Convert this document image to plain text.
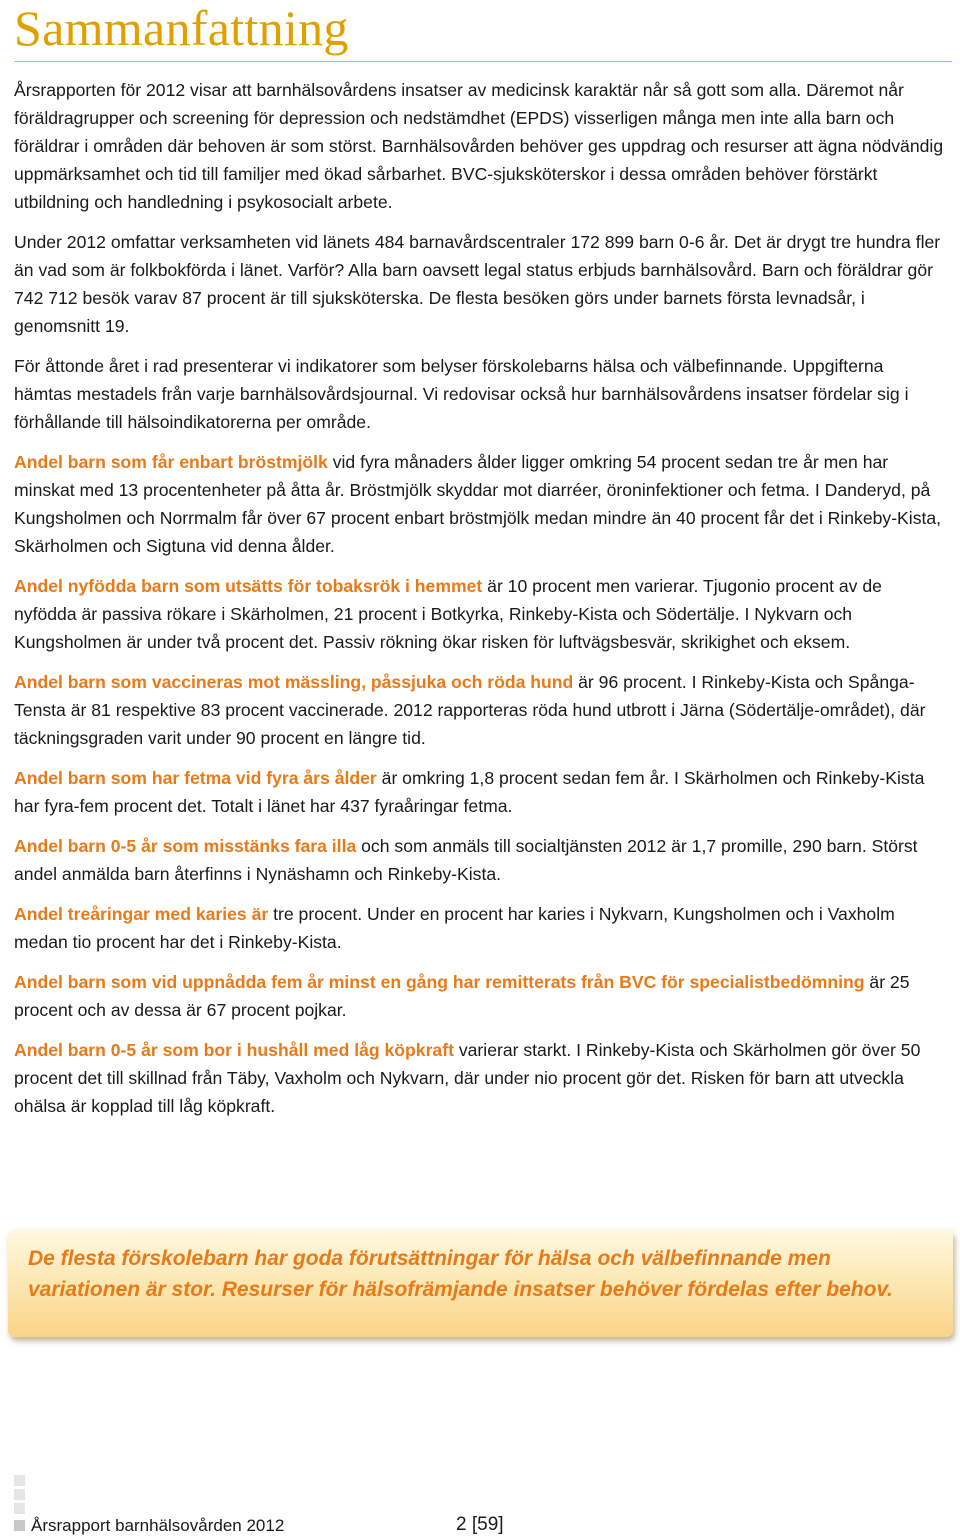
Sammanfattning

Årsrapporten för 2012 visar att barnhälsovårdens insatser av medicinsk karaktär når så gott som alla. Däremot når föräldragrupper och screening för depression och nedstämdhet (EPDS) visserligen många men inte alla barn och föräldrar i områden där behoven är som störst. Barnhälsovården behöver ges uppdrag och resurser att ägna nödvändig uppmärksamhet och tid till familjer med ökad sårbarhet. BVC-sjuksköterskor i dessa områden behöver förstärkt utbildning och handledning i psykosocialt arbete.

Under 2012 omfattar verksamheten vid länets 484 barnavårdscentraler 172 899 barn 0-6 år. Det är drygt tre hundra fler än vad som är folkbokförda i länet. Varför? Alla barn oavsett legal status erbjuds barnhälsovård. Barn och föräldrar gör 742 712 besök varav 87 procent är till sjuksköterska. De flesta besöken görs under barnets första levnadsår, i genomsnitt 19.

För åttonde året i rad presenterar vi indikatorer som belyser förskolebarns hälsa och välbefinnande. Uppgifterna hämtas mestadels från varje barnhälsovårdsjournal. Vi redovisar också hur barnhälsovårdens insatser fördelar sig i förhållande till hälsoindikatorerna per område.

Andel barn som får enbart bröstmjölk vid fyra månaders ålder ligger omkring 54 procent sedan tre år men har minskat med 13 procentenheter på åtta år. Bröstmjölk skyddar mot diarréer, öroninfektioner och fetma. I Danderyd, på Kungsholmen och Norrmalm får över 67 procent enbart bröstmjölk medan mindre än 40 procent får det i Rinkeby-Kista, Skärholmen och Sigtuna vid denna ålder.

Andel nyfödda barn som utsätts för tobaksrök i hemmet är 10 procent men varierar. Tjugonio procent av de nyfödda är passiva rökare i Skärholmen, 21 procent i Botkyrka, Rinkeby-Kista och Södertälje. I Nykvarn och Kungsholmen är under två procent det. Passiv rökning ökar risken för luftvägsbesvär, skrikighet och eksem.

Andel barn som vaccineras mot mässling, påssjuka och röda hund är 96 procent. I Rinkeby-Kista och Spånga-Tensta är 81 respektive 83 procent vaccinerade. 2012 rapporteras röda hund utbrott i Järna (Södertälje-området), där täckningsgraden varit under 90 procent en längre tid.

Andel barn som har fetma vid fyra års ålder är omkring 1,8 procent sedan fem år. I Skärholmen och Rinkeby-Kista har fyra-fem procent det. Totalt i länet har 437 fyraåringar fetma.

Andel barn 0-5 år som misstänks fara illa och som anmäls till socialtjänsten 2012 är 1,7 promille, 290 barn. Störst andel anmälda barn återfinns i Nynäshamn och Rinkeby-Kista.

Andel treåringar med karies är tre procent. Under en procent har karies i Nykvarn, Kungsholmen och i Vaxholm medan tio procent har det i Rinkeby-Kista.

Andel barn som vid uppnådda fem år minst en gång har remitterats från BVC för specialistbedömning är 25 procent och av dessa är 67 procent pojkar.

Andel barn 0-5 år som bor i hushåll med låg köpkraft varierar starkt. I Rinkeby-Kista och Skärholmen gör över 50 procent det till skillnad från Täby, Vaxholm och Nykvarn, där under nio procent gör det. Risken för barn att utveckla ohälsa är kopplad till låg köpkraft.

De flesta förskolebarn har goda förutsättningar för hälsa och välbefinnande men variationen är stor. Resurser för hälsofrämjande insatser behöver fördelas efter behov.

Årsrapport barnhälsovården 2012	2 [59]
